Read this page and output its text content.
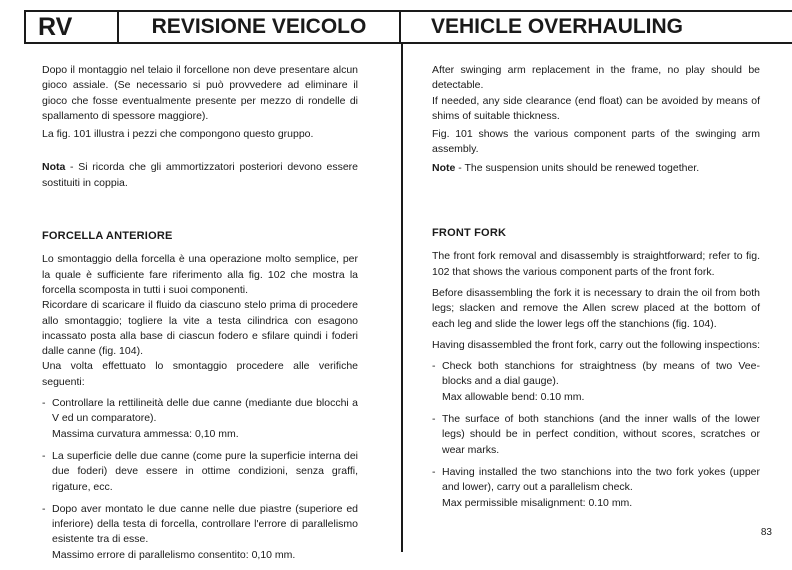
RV	REVISIONE VEICOLO	VEHICLE OVERHAULING

Dopo il montaggio nel telaio il forcellone non deve presentare alcun gioco assiale. (Se necessario si può provvedere ad eliminare il gioco che fosse eventualmente presente per mezzo di rondelle di spallamento di spessore maggiore).

La fig. 101 illustra i pezzi che compongono questo gruppo.

Nota - Si ricorda che gli ammortizzatori posteriori devono essere sostituiti in coppia.

FORCELLA ANTERIORE

Lo smontaggio della forcella è una operazione molto semplice, per la quale è sufficiente fare riferimento alla fig. 102 che mostra la forcella scomposta in tutti i suoi componenti.

Ricordare di scaricare il fluido da ciascuno stelo prima di procedere allo smontaggio; togliere la vite a testa cilindrica con esagono incassato posta alla base di ciascun fodero e sfilare quindi i foderi dalle canne (fig. 104).

Una volta effettuato lo smontaggio procedere alle verifiche seguenti:

- Controllare la rettilineità delle due canne (mediante due blocchi a V ed un comparatore).
Massima curvatura ammessa: 0,10 mm.
- La superficie delle due canne (come pure la superficie interna dei due foderi) deve essere in ottime condizioni, senza graffi, rigature, ecc.
- Dopo aver montato le due canne nelle due piastre (superiore ed inferiore) della testa di forcella, controllare l'errore di parallelismo esistente tra di esse.
Massimo errore di parallelismo consentito: 0,10 mm.

After swinging arm replacement in the frame, no play should be detectable.

If needed, any side clearance (end float) can be avoided by means of shims of suitable thickness.

Fig. 101 shows the various component parts of the swinging arm assembly.

Note - The suspension units should be renewed together.

FRONT FORK

The front fork removal and disassembly is straightforward; refer to fig. 102 that shows the various component parts of the front fork.

Before disassembling the fork it is necessary to drain the oil from both legs; slacken and remove the Allen screw placed at the bottom of each leg and slide the lower legs off the stanchions (fig. 104).

Having disassembled the front fork, carry out the following inspections:

- Check both stanchions for straightness (by means of two Vee-blocks and a dial gauge).
Max allowable bend: 0.10 mm.
- The surface of both stanchions (and the inner walls of the lower legs) should be in perfect condition, without scores, scratches or wear marks.
- Having installed the two stanchions into the two fork yokes (upper and lower), carry out a parallelism check.
Max permissible misalignment: 0.10 mm.
83
